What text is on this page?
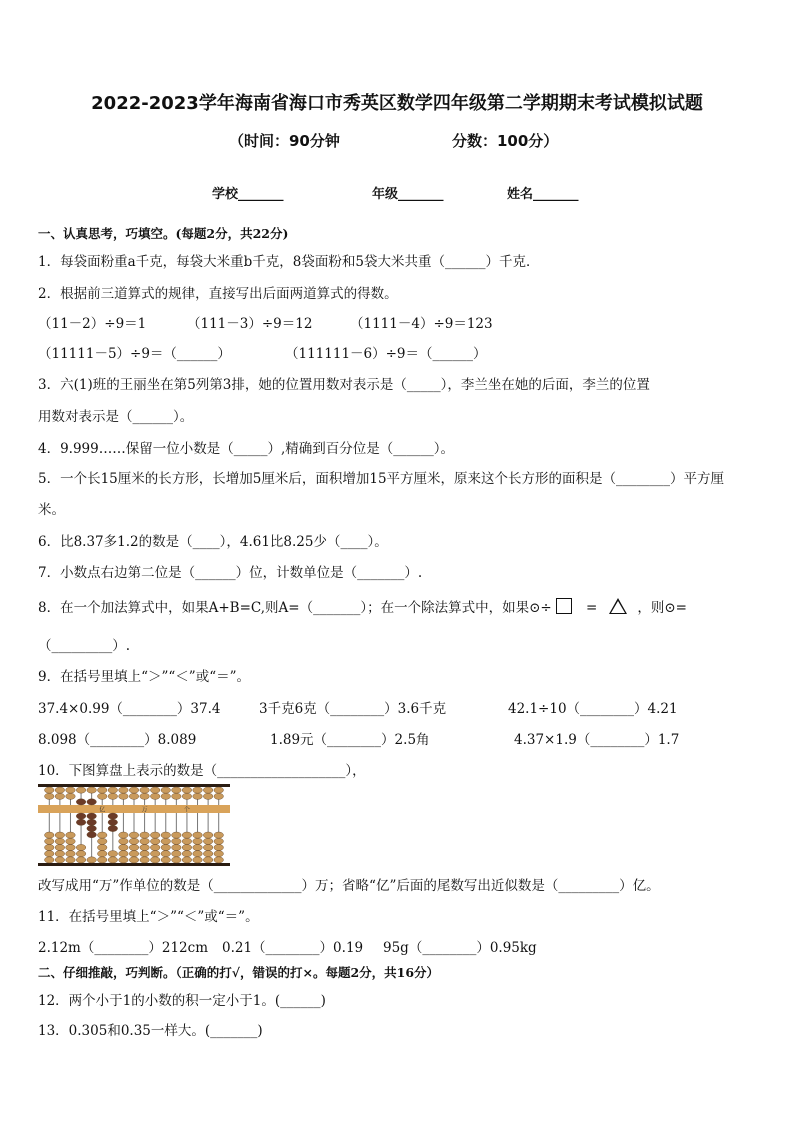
2022-2023学年海南省海口市秀英区数学四年级第二学期期末考试模拟试题
（时间：90分钟	分数：100分）
学校_______	年级_______	姓名_______
一、认真思考，巧填空。(每题2分，共22分)
1．每袋面粉重a千克，每袋大米重b千克，8袋面粉和5袋大米共重（______）千克．
2．根据前三道算式的规律，直接写出后面两道算式的得数。
（11－2）÷9＝1	（111－3）÷9＝12	（1111－4）÷9＝123
（11111－5）÷9＝（______）	（111111－6）÷9＝（______）
3．六(1)班的王丽坐在第5列第3排，她的位置用数对表示是（_____），李兰坐在她的后面，李兰的位置
用数对表示是（______）。
4．9.999……保留一位小数是（_____）,精确到百分位是（______）。
5．一个长15厘米的长方形，长增加5厘米后，面积增加15平方厘米，原来这个长方形的面积是（________）平方厘
米。
6．比8.37多1.2的数是（____），4.61比8.25少（____）。
7．小数点右边第二位是（______）位，计数单位是（_______）.
8．在一个加法算式中，如果A+B=C,则A=（_______）；在一个除法算式中，如果⊙÷	=	，则⊙=
（_________）.
9．在括号里填上“＞”“＜”或“＝”。
37.4×0.99（________）37.4	3千克6克（________）3.6千克	42.1÷10（________）4.21
8.098（________）8.089	1.89元（________）2.5角	4.37×1.9（________）1.7
10．下图算盘上表示的数是（___________________），
亿	万	个
改写成用“万”作单位的数是（_____________）万；省略“亿”后面的尾数写出近似数是（_________）亿。
11．在括号里填上“＞”“＜”或“＝”。
2.12m（________）212cm 0.21（________）0.19 95g（________）0.95kg
二、仔细推敲，巧判断。（正确的打√，错误的打×。每题2分，共16分）
12．两个小于1的小数的积一定小于1。(______)
13．0.305和0.35一样大。(_______)
